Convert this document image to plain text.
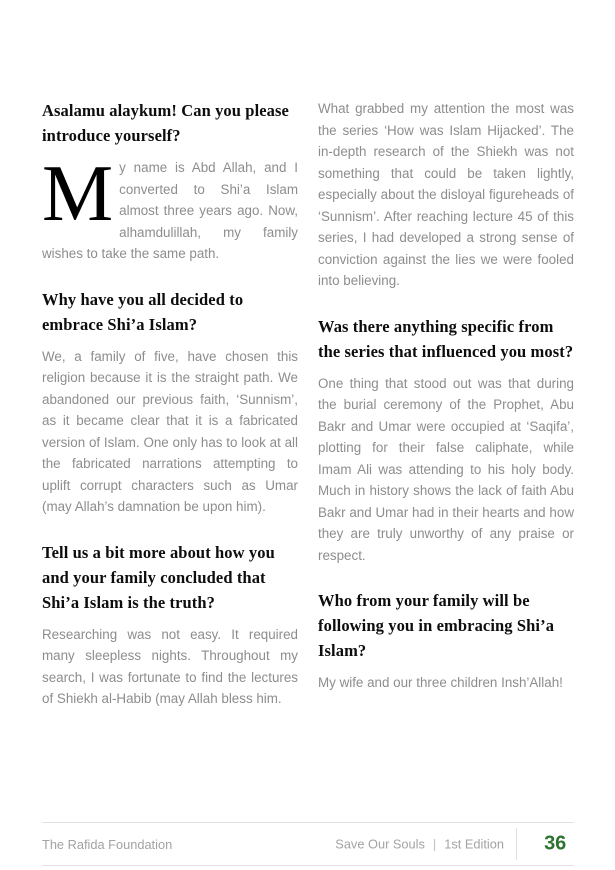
Asalamu alaykum! Can you please introduce yourself?

My name is Abd Allah, and I converted to Shi’a Islam almost three years ago. Now, alhamdulillah, my family wishes to take the same path.

Why have you all decided to embrace Shi’a Islam?

We, a family of five, have chosen this religion because it is the straight path. We abandoned our previous faith, ‘Sunnism’, as it became clear that it is a fabricated version of Islam. One only has to look at all the fabricated narrations attempting to uplift corrupt characters such as Umar (may Allah’s damnation be upon him).

Tell us a bit more about how you and your family concluded that Shi’a Islam is the truth?

Researching was not easy. It required many sleepless nights. Throughout my search, I was fortunate to find the lectures of Shiekh al-Habib (may Allah bless him.

What grabbed my attention the most was the series ‘How was Islam Hijacked’. The in-depth research of the Shiekh was not something that could be taken lightly, especially about the disloyal figureheads of ‘Sunnism’. After reaching lecture 45 of this series, I had developed a strong sense of conviction against the lies we were fooled into believing.

Was there anything specific from the series that influenced you most?

One thing that stood out was that during the burial ceremony of the Prophet, Abu Bakr and Umar were occupied at ‘Saqifa’, plotting for their false caliphate, while Imam Ali was attending to his holy body. Much in history shows the lack of faith Abu Bakr and Umar had in their hearts and how they are truly unworthy of any praise or respect.

Who from your family will be following you in embracing Shi’a Islam?

My wife and our three children Insh’Allah!

The Rafida Foundation	Save Our Souls | 1st Edition 36
